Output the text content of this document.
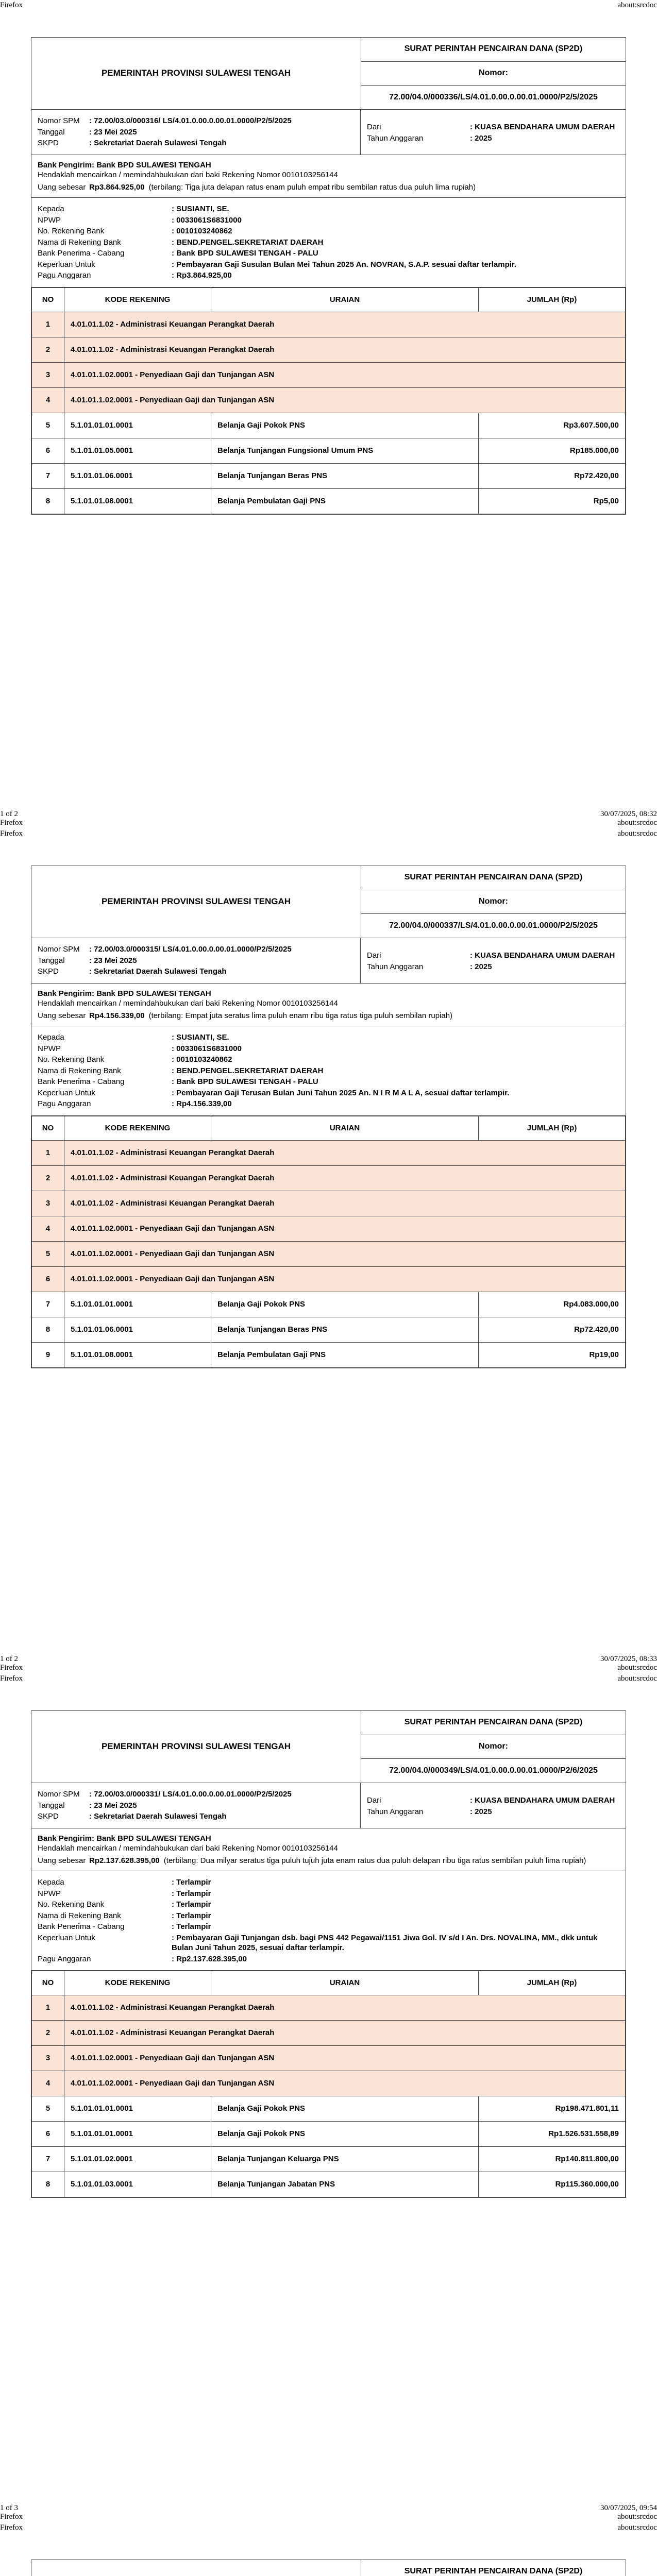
Firefox	about:srcdoc
PEMERINTAH PROVINSI SULAWESI TENGAH
SURAT PERINTAH PENCAIRAN DANA (SP2D)
Nomor:
72.00/04.0/000336/LS/4.01.0.00.0.00.01.0000/P2/5/2025
Nomor SPM	: 72.00/03.0/000316/ LS/4.01.0.00.0.00.01.0000/P2/5/2025
Tanggal	: 23 Mei 2025
SKPD	: Sekretariat Daerah Sulawesi Tengah
Dari	: KUASA BENDAHARA UMUM DAERAH
Tahun Anggaran	: 2025
Bank Pengirim: Bank BPD SULAWESI TENGAH
Hendaklah mencairkan / memindahbukukan dari baki Rekening Nomor 0010103256144
Uang sebesar Rp3.864.925,00 (terbilang: Tiga juta delapan ratus enam puluh empat ribu sembilan ratus dua puluh lima rupiah)
Kepada	: SUSIANTI, SE.
NPWP	: 0033061S6831000
No. Rekening Bank	: 0010103240862
Nama di Rekening Bank	: BEND.PENGEL.SEKRETARIAT DAERAH
Bank Penerima - Cabang	: Bank BPD SULAWESI TENGAH - PALU
Keperluan Untuk	: Pembayaran Gaji Susulan Bulan Mei Tahun 2025 An. NOVRAN, S.A.P. sesuai daftar terlampir.
Pagu Anggaran	: Rp3.864.925,00
NO	KODE REKENING	URAIAN	JUMLAH (Rp)
1	4.01.01.1.02 - Administrasi Keuangan Perangkat Daerah		
2	4.01.01.1.02 - Administrasi Keuangan Perangkat Daerah		
3	4.01.01.1.02.0001 - Penyediaan Gaji dan Tunjangan ASN		
4	4.01.01.1.02.0001 - Penyediaan Gaji dan Tunjangan ASN		
5	5.1.01.01.01.0001	Belanja Gaji Pokok PNS	Rp3.607.500,00
6	5.1.01.01.05.0001	Belanja Tunjangan Fungsional Umum PNS	Rp185.000,00
7	5.1.01.01.06.0001	Belanja Tunjangan Beras PNS	Rp72.420,00
8	5.1.01.01.08.0001	Belanja Pembulatan Gaji PNS	Rp5,00
1 of 2
Firefox
30/07/2025, 08:32
about:srcdoc
Firefox	about:srcdoc
PEMERINTAH PROVINSI SULAWESI TENGAH
SURAT PERINTAH PENCAIRAN DANA (SP2D)
Nomor:
72.00/04.0/000337/LS/4.01.0.00.0.00.01.0000/P2/5/2025
Nomor SPM	: 72.00/03.0/000315/ LS/4.01.0.00.0.00.01.0000/P2/5/2025
Tanggal	: 23 Mei 2025
SKPD	: Sekretariat Daerah Sulawesi Tengah
Dari	: KUASA BENDAHARA UMUM DAERAH
Tahun Anggaran	: 2025
Bank Pengirim: Bank BPD SULAWESI TENGAH
Hendaklah mencairkan / memindahbukukan dari baki Rekening Nomor 0010103256144
Uang sebesar Rp4.156.339,00 (terbilang: Empat juta seratus lima puluh enam ribu tiga ratus tiga puluh sembilan rupiah)
Kepada	: SUSIANTI, SE.
NPWP	: 0033061S6831000
No. Rekening Bank	: 0010103240862
Nama di Rekening Bank	: BEND.PENGEL.SEKRETARIAT DAERAH
Bank Penerima - Cabang	: Bank BPD SULAWESI TENGAH - PALU
Keperluan Untuk	: Pembayaran Gaji Terusan Bulan Juni Tahun 2025 An. N I R M A L A, sesuai daftar terlampir.
Pagu Anggaran	: Rp4.156.339,00
NO	KODE REKENING	URAIAN	JUMLAH (Rp)
1	4.01.01.1.02 - Administrasi Keuangan Perangkat Daerah		
2	4.01.01.1.02 - Administrasi Keuangan Perangkat Daerah		
3	4.01.01.1.02 - Administrasi Keuangan Perangkat Daerah		
4	4.01.01.1.02.0001 - Penyediaan Gaji dan Tunjangan ASN		
5	4.01.01.1.02.0001 - Penyediaan Gaji dan Tunjangan ASN		
6	4.01.01.1.02.0001 - Penyediaan Gaji dan Tunjangan ASN		
7	5.1.01.01.01.0001	Belanja Gaji Pokok PNS	Rp4.083.000,00
8	5.1.01.01.06.0001	Belanja Tunjangan Beras PNS	Rp72.420,00
9	5.1.01.01.08.0001	Belanja Pembulatan Gaji PNS	Rp19,00
1 of 2
Firefox
30/07/2025, 08:33
about:srcdoc
Firefox	about:srcdoc
PEMERINTAH PROVINSI SULAWESI TENGAH
SURAT PERINTAH PENCAIRAN DANA (SP2D)
Nomor:
72.00/04.0/000349/LS/4.01.0.00.0.00.01.0000/P2/6/2025
Nomor SPM	: 72.00/03.0/000331/ LS/4.01.0.00.0.00.01.0000/P2/5/2025
Tanggal	: 23 Mei 2025
SKPD	: Sekretariat Daerah Sulawesi Tengah
Dari	: KUASA BENDAHARA UMUM DAERAH
Tahun Anggaran	: 2025
Bank Pengirim: Bank BPD SULAWESI TENGAH
Hendaklah mencairkan / memindahbukukan dari baki Rekening Nomor 0010103256144
Uang sebesar Rp2.137.628.395,00 (terbilang: Dua milyar seratus tiga puluh tujuh juta enam ratus dua puluh delapan ribu tiga ratus sembilan puluh lima rupiah)
Kepada	: Terlampir
NPWP	: Terlampir
No. Rekening Bank	: Terlampir
Nama di Rekening Bank	: Terlampir
Bank Penerima - Cabang	: Terlampir
Keperluan Untuk	: Pembayaran Gaji Tunjangan dsb. bagi PNS 442 Pegawai/1151 Jiwa Gol. IV s/d I An. Drs. NOVALINA, MM., dkk untuk Bulan Juni Tahun 2025, sesuai daftar terlampir.
Pagu Anggaran	: Rp2.137.628.395,00
NO	KODE REKENING	URAIAN	JUMLAH (Rp)
1	4.01.01.1.02 - Administrasi Keuangan Perangkat Daerah		
2	4.01.01.1.02 - Administrasi Keuangan Perangkat Daerah		
3	4.01.01.1.02.0001 - Penyediaan Gaji dan Tunjangan ASN		
4	4.01.01.1.02.0001 - Penyediaan Gaji dan Tunjangan ASN		
5	5.1.01.01.01.0001	Belanja Gaji Pokok PNS	Rp198.471.801,11
6	5.1.01.01.01.0001	Belanja Gaji Pokok PNS	Rp1.526.531.558,89
7	5.1.01.01.02.0001	Belanja Tunjangan Keluarga PNS	Rp140.811.800,00
8	5.1.01.01.03.0001	Belanja Tunjangan Jabatan PNS	Rp115.360.000,00
1 of 3
Firefox
30/07/2025, 09:54
about:srcdoc
Firefox	about:srcdoc
SURAT PERINTAH PENCAIRAN DANA (SP2D)
